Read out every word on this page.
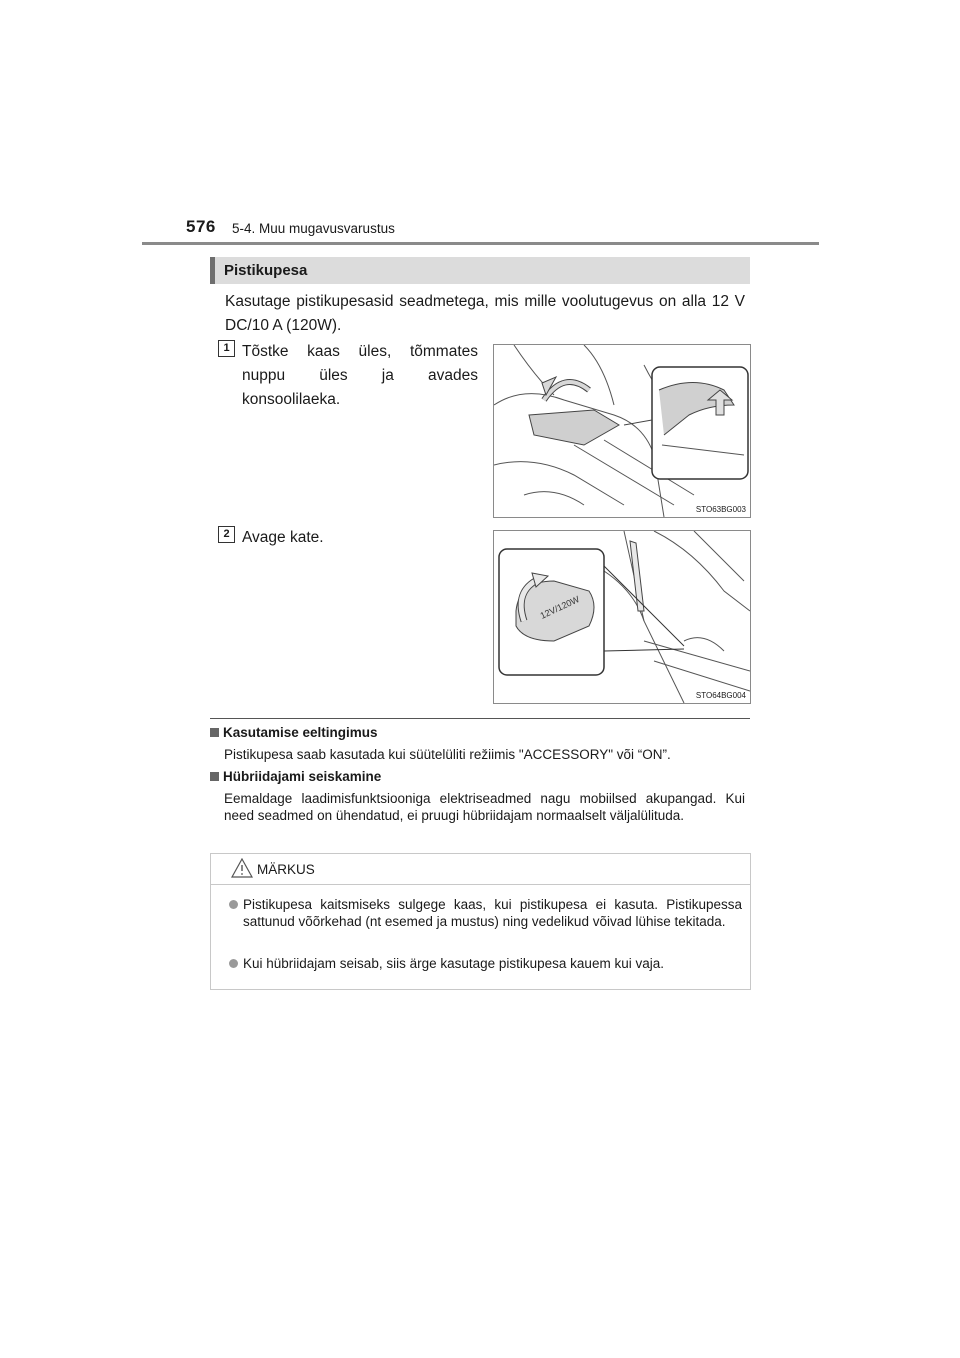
576 5-4. Muu mugavusvarustus
Pistikupesa
Kasutage pistikupesasid seadmetega, mis mille voolutugevus on alla 12 V DC/10 A (120W).
1 Tõstke kaas üles, tõmmates nuppu üles ja avades konsoolilaeka.
STO63BG003
2 Avage kate.
12V/120W
STO64BG004
Kasutamise eeltingimus
Pistikupesa saab kasutada kui süütelüliti režiimis "ACCESSORY" või “ON”.
Hübriidajami seiskamine
Eemaldage laadimisfunktsiooniga elektriseadmed nagu mobiilsed akupangad. Kui need seadmed on ühendatud, ei pruugi hübriidajam normaalselt väljalülituda.
MÄRKUS
Pistikupesa kaitsmiseks sulgege kaas, kui pistikupesa ei kasuta. Pistikupessa sattunud võõrkehad (nt esemed ja mustus) ning vedelikud võivad lühise tekitada.
Kui hübriidajam seisab, siis ärge kasutage pistikupesa kauem kui vaja.
